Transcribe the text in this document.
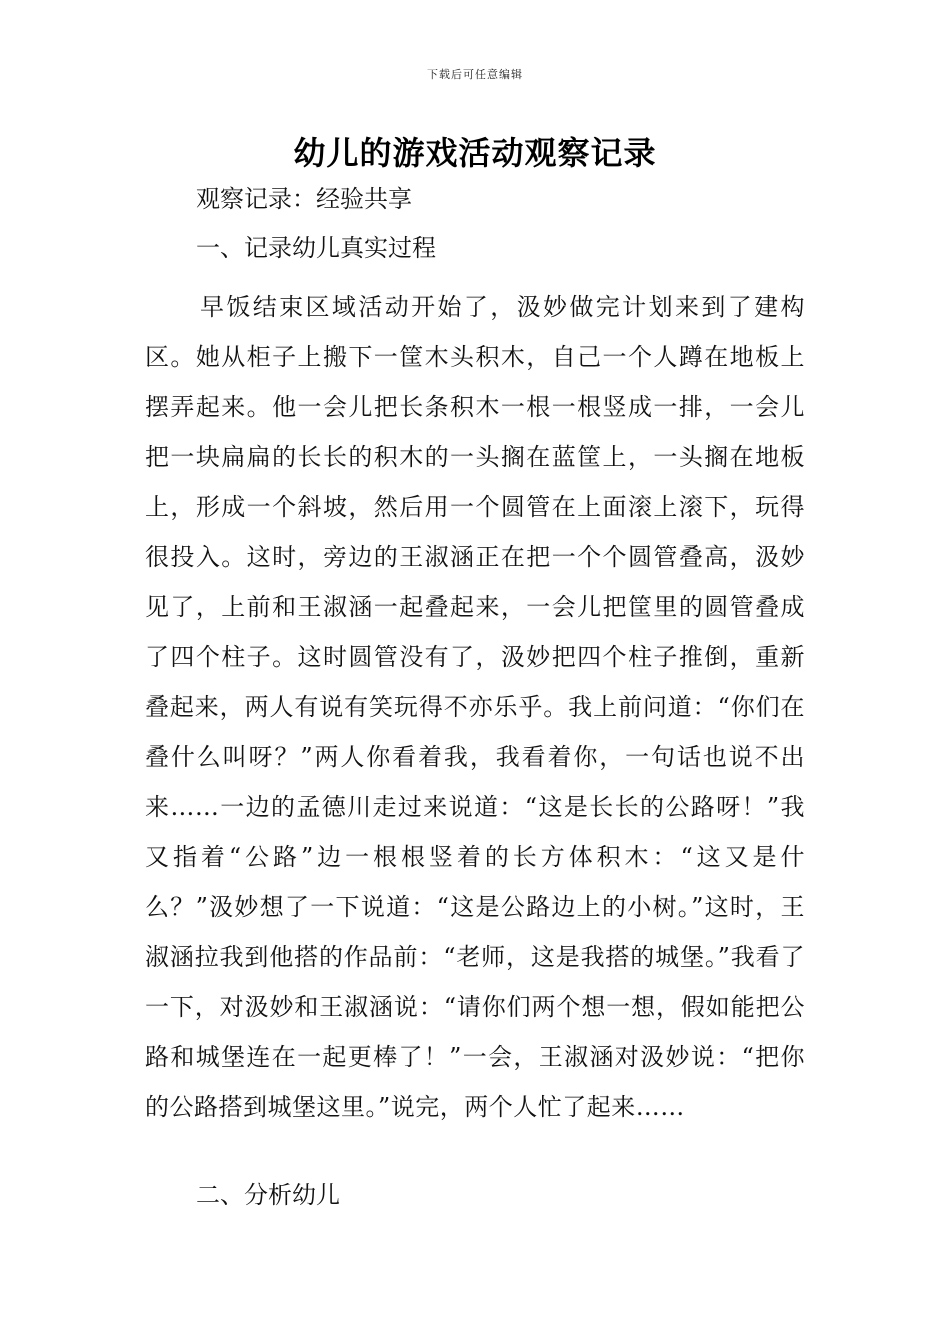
下载后可任意编辑
幼儿的游戏活动观察记录
观察记录：经验共享
一、记录幼儿真实过程
早饭结束区域活动开始了，汲妙做完计划来到了建构区。她从柜子上搬下一筐木头积木，自己一个人蹲在地板上摆弄起来。他一会儿把长条积木一根一根竖成一排，一会儿把一块扁扁的长长的积木的一头搁在蓝筐上，一头搁在地板上，形成一个斜坡，然后用一个圆管在上面滚上滚下，玩得很投入。这时，旁边的王淑涵正在把一个个圆管叠高，汲妙见了，上前和王淑涵一起叠起来，一会儿把筐里的圆管叠成了四个柱子。这时圆管没有了，汲妙把四个柱子推倒，重新叠起来，两人有说有笑玩得不亦乐乎。我上前问道：“你们在叠什么叫呀？”两人你看着我，我看着你，一句话也说不出来……一边的孟德川走过来说道：“这是长长的公路呀！”我又指着“公路”边一根根竖着的长方体积木：“这又是什么？”汲妙想了一下说道：“这是公路边上的小树。”这时，王淑涵拉我到他搭的作品前：“老师，这是我搭的城堡。”我看了一下，对汲妙和王淑涵说：“请你们两个想一想，假如能把公路和城堡连在一起更棒了！”一会，王淑涵对汲妙说：“把你的公路搭到城堡这里。”说完，两个人忙了起来……
二、分析幼儿
